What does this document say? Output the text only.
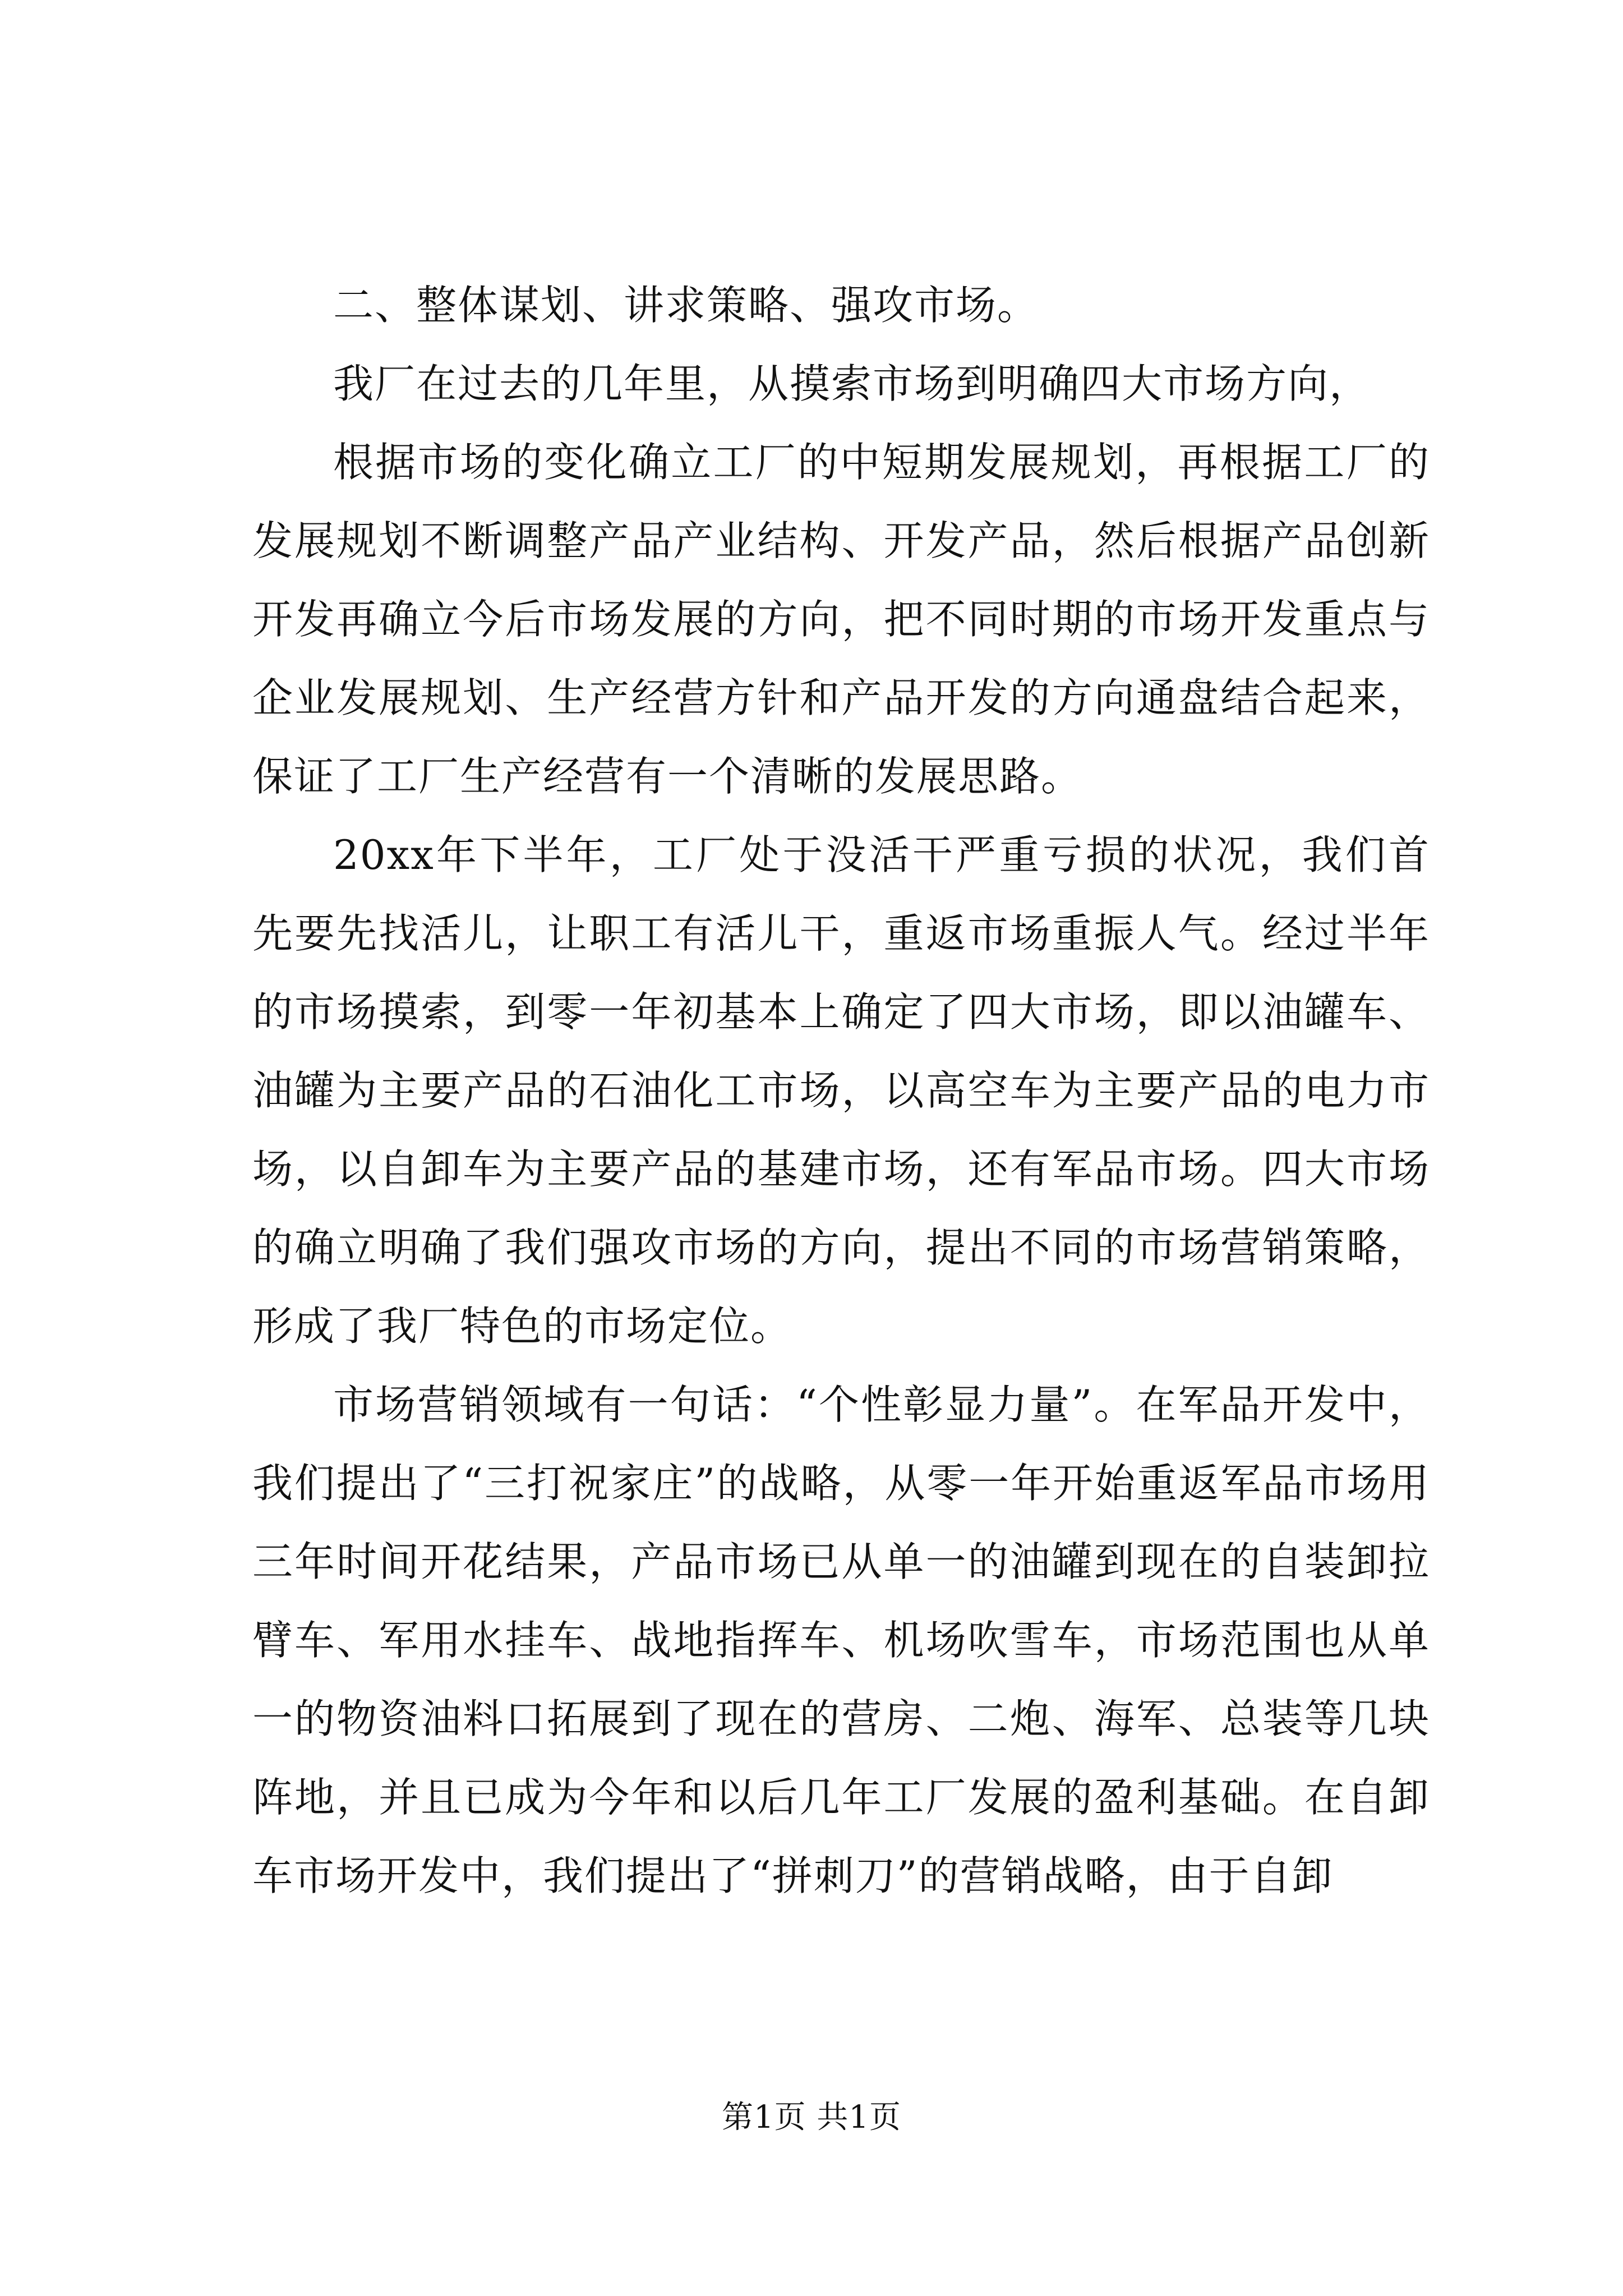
二、整体谋划、讲求策略、强攻市场。

我厂在过去的几年里，从摸索市场到明确四大市场方向，

根据市场的变化确立工厂的中短期发展规划，再根据工厂的发展规划不断调整产品产业结构、开发产品，然后根据产品创新开发再确立今后市场发展的方向，把不同时期的市场开发重点与企业发展规划、生产经营方针和产品开发的方向通盘结合起来，保证了工厂生产经营有一个清晰的发展思路。

20xx年下半年，工厂处于没活干严重亏损的状况，我们首先要先找活儿，让职工有活儿干，重返市场重振人气。经过半年的市场摸索，到零一年初基本上确定了四大市场，即以油罐车、油罐为主要产品的石油化工市场，以高空车为主要产品的电力市场，以自卸车为主要产品的基建市场，还有军品市场。四大市场的确立明确了我们强攻市场的方向，提出不同的市场营销策略，形成了我厂特色的市场定位。

市场营销领域有一句话：“个性彰显力量”。在军品开发中，我们提出了“三打祝家庄”的战略，从零一年开始重返军品市场用三年时间开花结果，产品市场已从单一的油罐到现在的自装卸拉臂车、军用水挂车、战地指挥车、机场吹雪车，市场范围也从单一的物资油料口拓展到了现在的营房、二炮、海军、总装等几块阵地，并且已成为今年和以后几年工厂发展的盈利基础。在自卸车市场开发中，我们提出了“拼刺刀”的营销战略，由于自卸

第1页 共1页
